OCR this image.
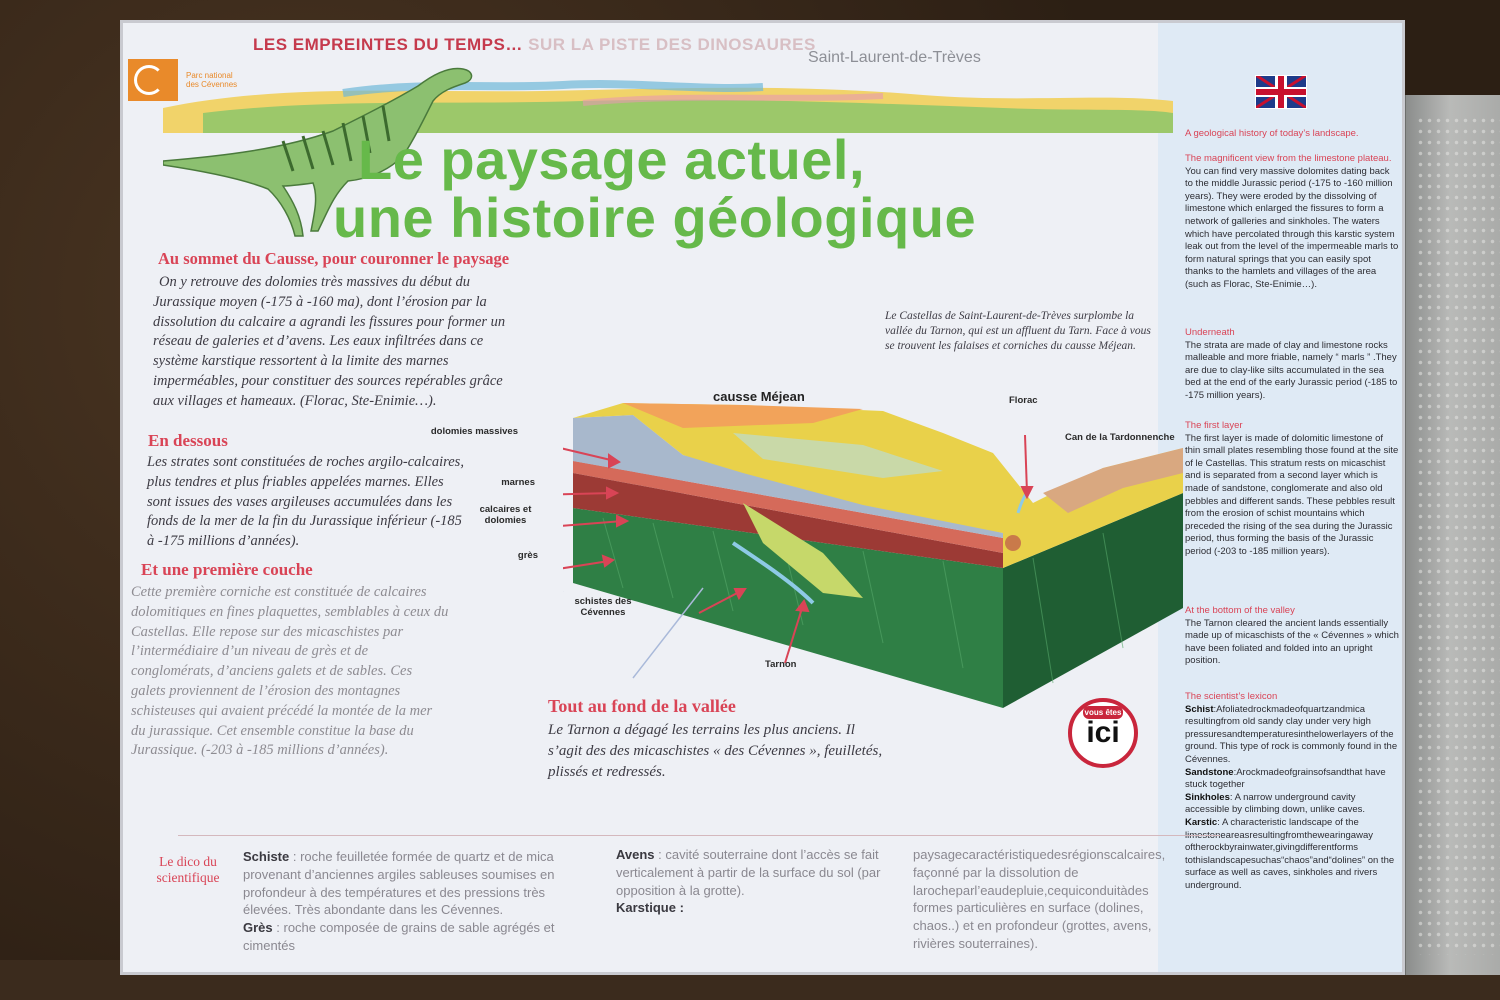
LES EMPREINTES DU TEMPS… SUR LA PISTE DES DINOSAURES
Saint-Laurent-de-Trèves
Parc national des Cévennes
Le paysage actuel,
une histoire géologique
Au sommet du Causse, pour couronner le paysage
On y retrouve des dolomies très massives du début du Jurassique moyen (-175 à -160 ma), dont l’érosion par la dissolution du calcaire a agrandi les fissures pour former un réseau de galeries et d’avens. Les eaux infiltrées dans ce système karstique ressortent à la limite des marnes imperméables, pour constituer des sources repérables grâce aux villages et hameaux. (Florac, Ste-Enimie…).
En dessous
Les strates sont constituées de roches argilo-calcaires, plus tendres et plus friables appelées marnes. Elles sont issues des vases argileuses accumulées dans les fonds de la mer de la fin du Jurassique inférieur (-185 à -175 millions d’années).
Et une première couche
Cette première corniche est constituée de calcaires dolomitiques en fines plaquettes, semblables à ceux du Castellas. Elle repose sur des micaschistes par l’intermédiaire d’un niveau de grès et de conglomérats, d’anciens galets et de sables. Ces galets proviennent de l’érosion des montagnes schisteuses qui avaient précédé la montée de la mer du jurassique. Cet ensemble constitue la base du Jurassique. (-203 à -185 millions d’années).
Tout au fond de la vallée
Le Tarnon a dégagé les terrains les plus anciens. Il s’agit des des micaschistes « des Cévennes », feuilletés, plissés et redressés.
Le Castellas de Saint-Laurent-de-Trèves surplombe la vallée du Tarnon, qui est un affluent du Tarn. Face à vous se trouvent les falaises et corniches du causse Méjean.
causse Méjean	Florac
Can de la Tardonnenche
dolomies massives
marnes
calcaires et dolomies
grès
schistes des Cévennes
Tarnon
vous êtes
ici
A geological history of today’s landscape.
The magnificent view from the limestone plateau.
You can find very massive dolomites dating back to the middle Jurassic period (-175 to -160 million years). They were eroded by the dissolving of limestone which enlarged the fissures to form a network of galleries and sinkholes. The waters which have percolated through this karstic system leak out from the level of the impermeable marls to form natural springs that you can easily spot thanks to the hamlets and villages of the area (such as Florac, Ste-Enimie…).
Underneath
The strata are made of clay and limestone rocks malleable and more friable, namely “ marls ” .They are due to clay-like silts accumulated in the sea bed at the end of the early Jurassic period (-185 to -175 million years).
The first layer
The first layer is made of dolomitic limestone of thin small plates resembling those found at the site of le Castellas. This stratum rests on micaschist and is separated from a second layer which is made of sandstone, conglomerate and also old pebbles and different sands. These pebbles result from the erosion of schist mountains which preceded the rising of the sea during the Jurassic period, thus forming the basis of the Jurassic period (-203 to -185 million years).
At the bottom of the valley
The Tarnon cleared the ancient lands essentially made up of micaschists of the « Cévennes » which have been foliated and folded into an upright position.
The scientist’s lexicon
Schist:Afoliatedrockmadeofquartzandmica resultingfrom old sandy clay under very high pressuresandtemperaturesinthelowerlayers of the ground. This type of rock is commonly found in the Cévennes.
Sandstone:Arockmadeofgrainsofsandthat have stuck together
Sinkholes: A narrow underground cavity accessible by climbing down, unlike caves.
Karstic: A characteristic landscape of the limestoneareasresultingfromthewearingaway oftherockbyrainwater,givingdifferentforms tothislandscapesuchas“chaos”and“dolines” on the surface as well as caves, sinkholes and rivers underground.
Le dico du scientifique
Schiste : roche feuilletée formée de quartz et de mica provenant d’anciennes argiles sableuses soumises en profondeur à des températures et des pressions très élevées. Très abondante dans les Cévennes.
Grès : roche composée de grains de sable agrégés et cimentés
Avens : cavité souterraine dont l’accès se fait verticalement à partir de la surface du sol (par opposition à la grotte).
Karstique :
paysagecaractéristiquedesrégionscalcaires, façonné par la dissolution de larocheparl’eaudepluie,cequiconduitàdes formes particulières en surface (dolines, chaos..) et en profondeur (grottes, avens, rivières souterraines).
